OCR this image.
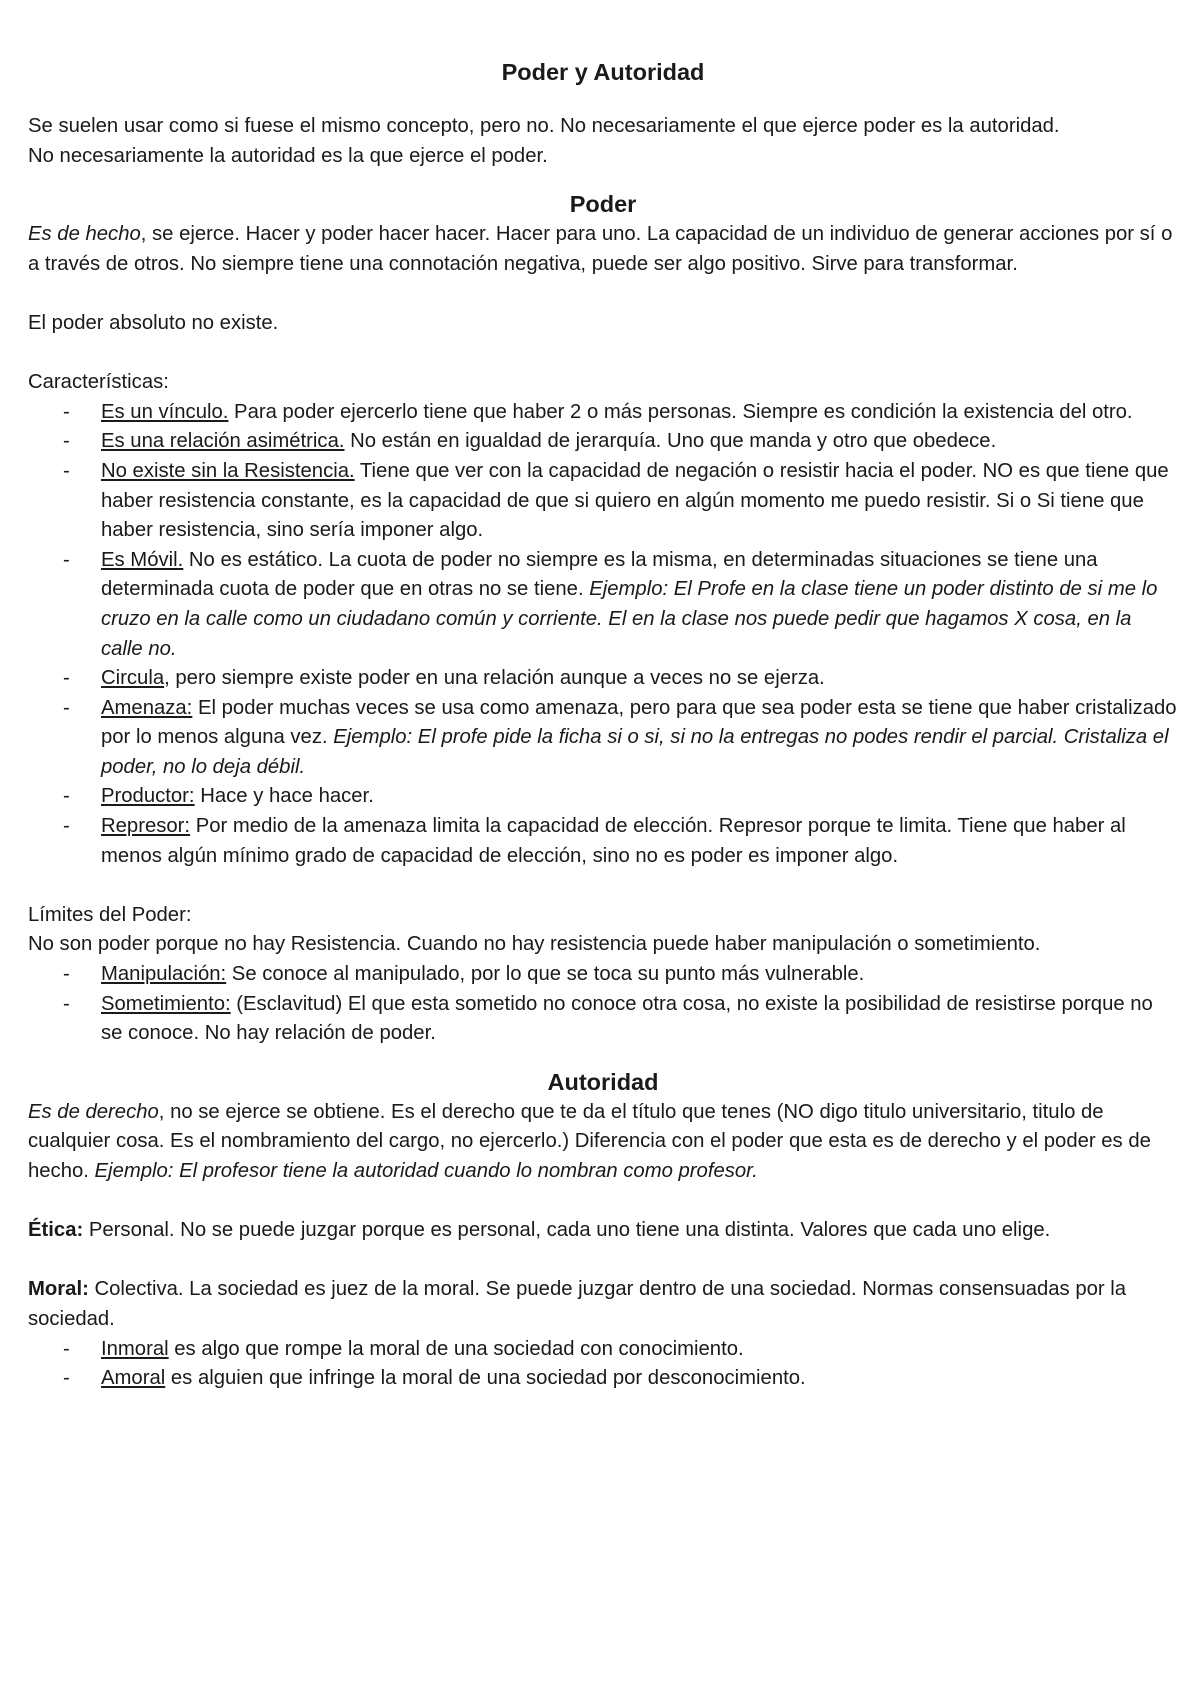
Poder y Autoridad

Se suelen usar como si fuese el mismo concepto, pero no. No necesariamente el que ejerce poder es la autoridad.
No necesariamente la autoridad es la que ejerce el poder.

Poder

Es de hecho, se ejerce. Hacer y poder hacer hacer. Hacer para uno. La capacidad de un individuo de generar acciones por sí o a través de otros. No siempre tiene una connotación negativa, puede ser algo positivo. Sirve para transformar.

El poder absoluto no existe.

Características:

- Es un vínculo. Para poder ejercerlo tiene que haber 2 o más personas. Siempre es condición la existencia del otro.
- Es una relación asimétrica. No están en igualdad de jerarquía. Uno que manda y otro que obedece.
- No existe sin la Resistencia. Tiene que ver con la capacidad de negación o resistir hacia el poder. NO es que tiene que haber resistencia constante, es la capacidad de que si quiero en algún momento me puedo resistir. Si o Si tiene que haber resistencia, sino sería imponer algo.
- Es Móvil. No es estático. La cuota de poder no siempre es la misma, en determinadas situaciones se tiene una determinada cuota de poder que en otras no se tiene. Ejemplo: El Profe en la clase tiene un poder distinto de si me lo cruzo en la calle como un ciudadano común y corriente. El en la clase nos puede pedir que hagamos X cosa, en la calle no.
- Circula, pero siempre existe poder en una relación aunque a veces no se ejerza.
- Amenaza: El poder muchas veces se usa como amenaza, pero para que sea poder esta se tiene que haber cristalizado por lo menos alguna vez. Ejemplo: El profe pide la ficha si o si, si no la entregas no podes rendir el parcial. Cristaliza el poder, no lo deja débil.
- Productor: Hace y hace hacer.
- Represor: Por medio de la amenaza limita la capacidad de elección. Represor porque te limita. Tiene que haber al menos algún mínimo grado de capacidad de elección, sino no es poder es imponer algo.

Límites del Poder:

No son poder porque no hay Resistencia. Cuando no hay resistencia puede haber manipulación o sometimiento.

- Manipulación: Se conoce al manipulado, por lo que se toca su punto más vulnerable.
- Sometimiento: (Esclavitud) El que esta sometido no conoce otra cosa, no existe la posibilidad de resistirse porque no se conoce. No hay relación de poder.
Autoridad

Es de derecho, no se ejerce se obtiene. Es el derecho que te da el título que tenes (NO digo titulo universitario, titulo de cualquier cosa. Es el nombramiento del cargo, no ejercerlo.) Diferencia con el poder que esta es de derecho y el poder es de hecho. Ejemplo: El profesor tiene la autoridad cuando lo nombran como profesor.

Ética: Personal. No se puede juzgar porque es personal, cada uno tiene una distinta. Valores que cada uno elige.

Moral: Colectiva. La sociedad es juez de la moral. Se puede juzgar dentro de una sociedad. Normas consensuadas por la sociedad.

- Inmoral es algo que rompe la moral de una sociedad con conocimiento.
- Amoral es alguien que infringe la moral de una sociedad por desconocimiento.
